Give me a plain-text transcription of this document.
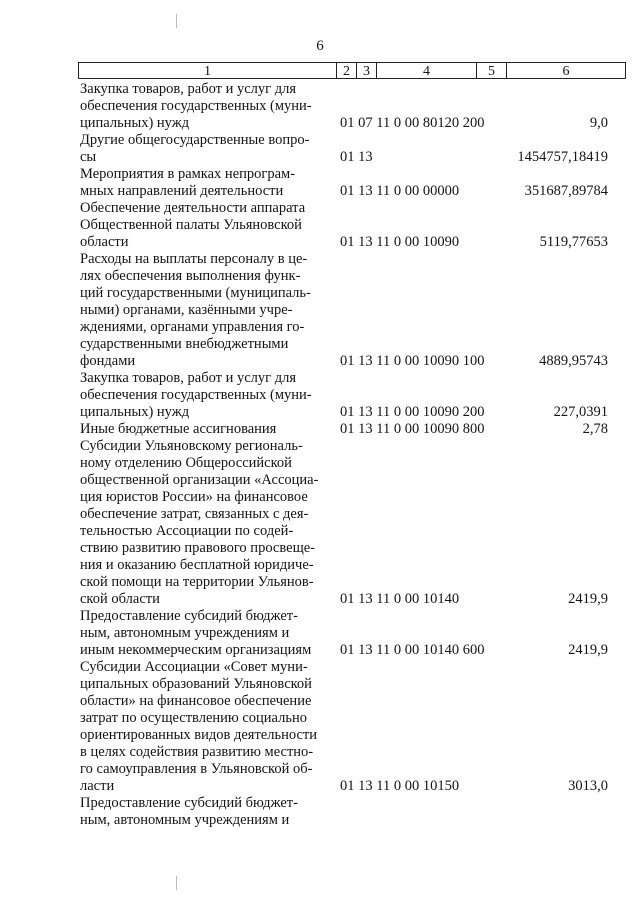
6
1	2 3	4	5	6
Закупка товаров, работ и услуг для
обеспечения государственных (муни-
ципальных) нужд	01 07 11 0 00 80120 200	9,0
Другие общегосударственные вопро-
сы	01 13	1454757,18419
Мероприятия в рамках непрограм-
мных направлений деятельности	01 13 11 0 00 00000	351687,89784
Обеспечение деятельности аппарата
Общественной палаты Ульяновской
области	01 13 11 0 00 10090	5119,77653
Расходы на выплаты персоналу в це-
лях обеспечения выполнения функ-
ций государственными (муниципаль-
ными) органами, казёнными учре-
ждениями, органами управления го-
сударственными внебюджетными
фондами	01 13 11 0 00 10090 100	4889,95743
Закупка товаров, работ и услуг для
обеспечения государственных (муни-
ципальных) нужд	01 13 11 0 00 10090 200	227,0391
Иные бюджетные ассигнования	01 13 11 0 00 10090 800	2,78
Субсидии Ульяновскому региональ-
ному отделению Общероссийской
общественной организации «Ассоциа-
ция юристов России» на финансовое
обеспечение затрат, связанных с дея-
тельностью Ассоциации по содей-
ствию развитию правового просвеще-
ния и оказанию бесплатной юридиче-
ской помощи на территории Ульянов-
ской области	01 13 11 0 00 10140	2419,9
Предоставление субсидий бюджет-
ным, автономным учреждениям и
иным некоммерческим организациям	01 13 11 0 00 10140 600	2419,9
Субсидии Ассоциации «Совет муни-
ципальных образований Ульяновской
области» на финансовое обеспечение
затрат по осуществлению социально
ориентированных видов деятельности
в целях содействия развитию местно-
го самоуправления в Ульяновской об-
ласти	01 13 11 0 00 10150	3013,0
Предоставление субсидий бюджет-
ным, автономным учреждениям и
